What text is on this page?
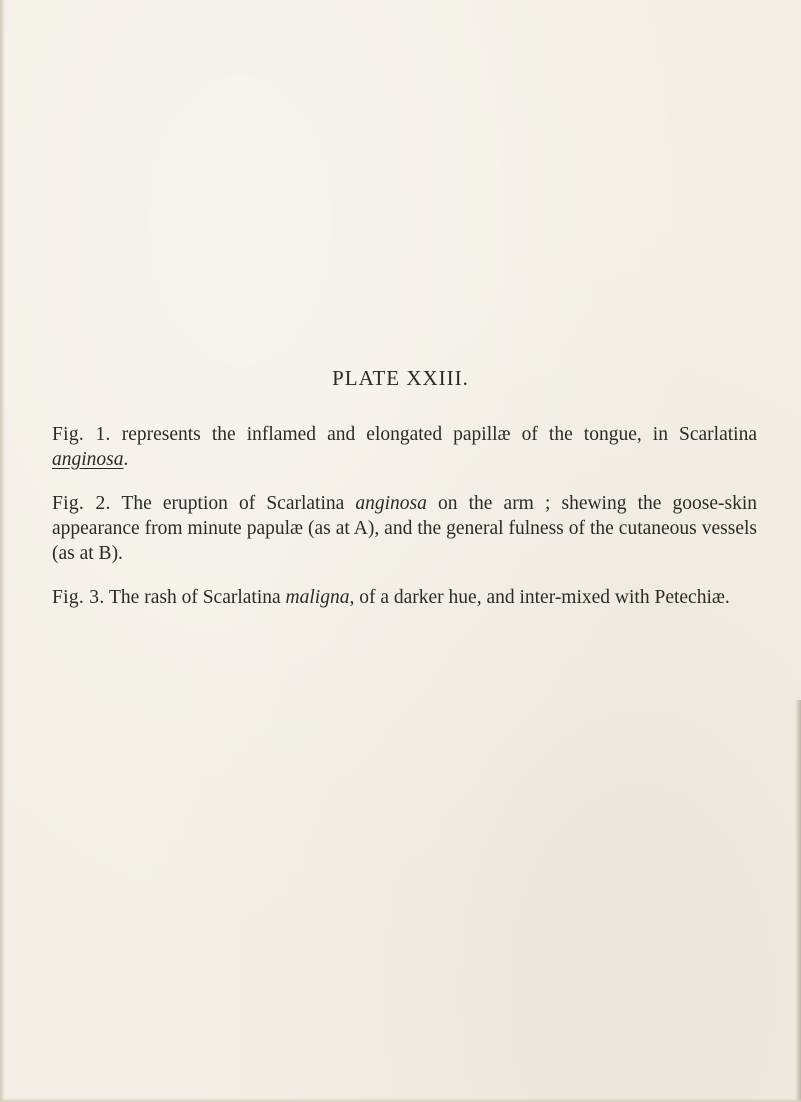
PLATE XXIII.

Fig. 1. represents the inflamed and elongated papillæ of the tongue, in Scarlatina anginosa.

Fig. 2. The eruption of Scarlatina anginosa on the arm ; shewing the goose-skin appearance from minute papulæ (as at A), and the general fulness of the cutaneous vessels (as at B).

Fig. 3. The rash of Scarlatina maligna, of a darker hue, and inter-mixed with Petechiæ.
